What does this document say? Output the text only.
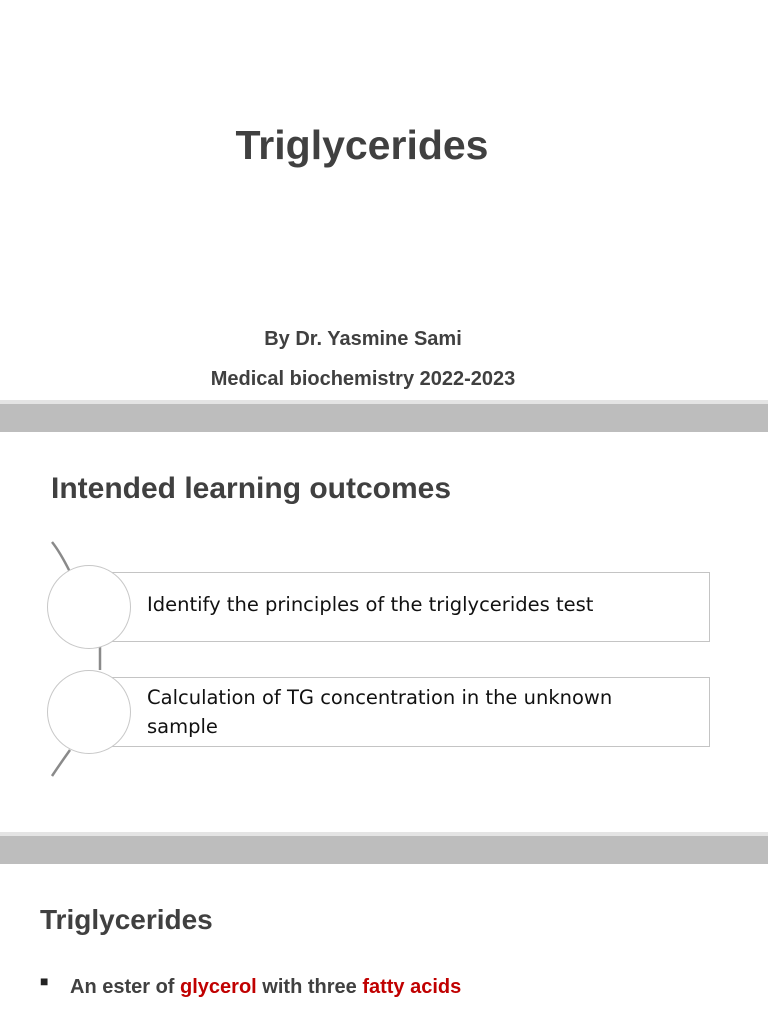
Triglycerides
By Dr. Yasmine Sami
Medical biochemistry 2022-2023
Intended learning outcomes
Identify the principles of the triglycerides test
Calculation of TG concentration in the unknown sample
Triglycerides
■ An ester of glycerol with three fatty acids
